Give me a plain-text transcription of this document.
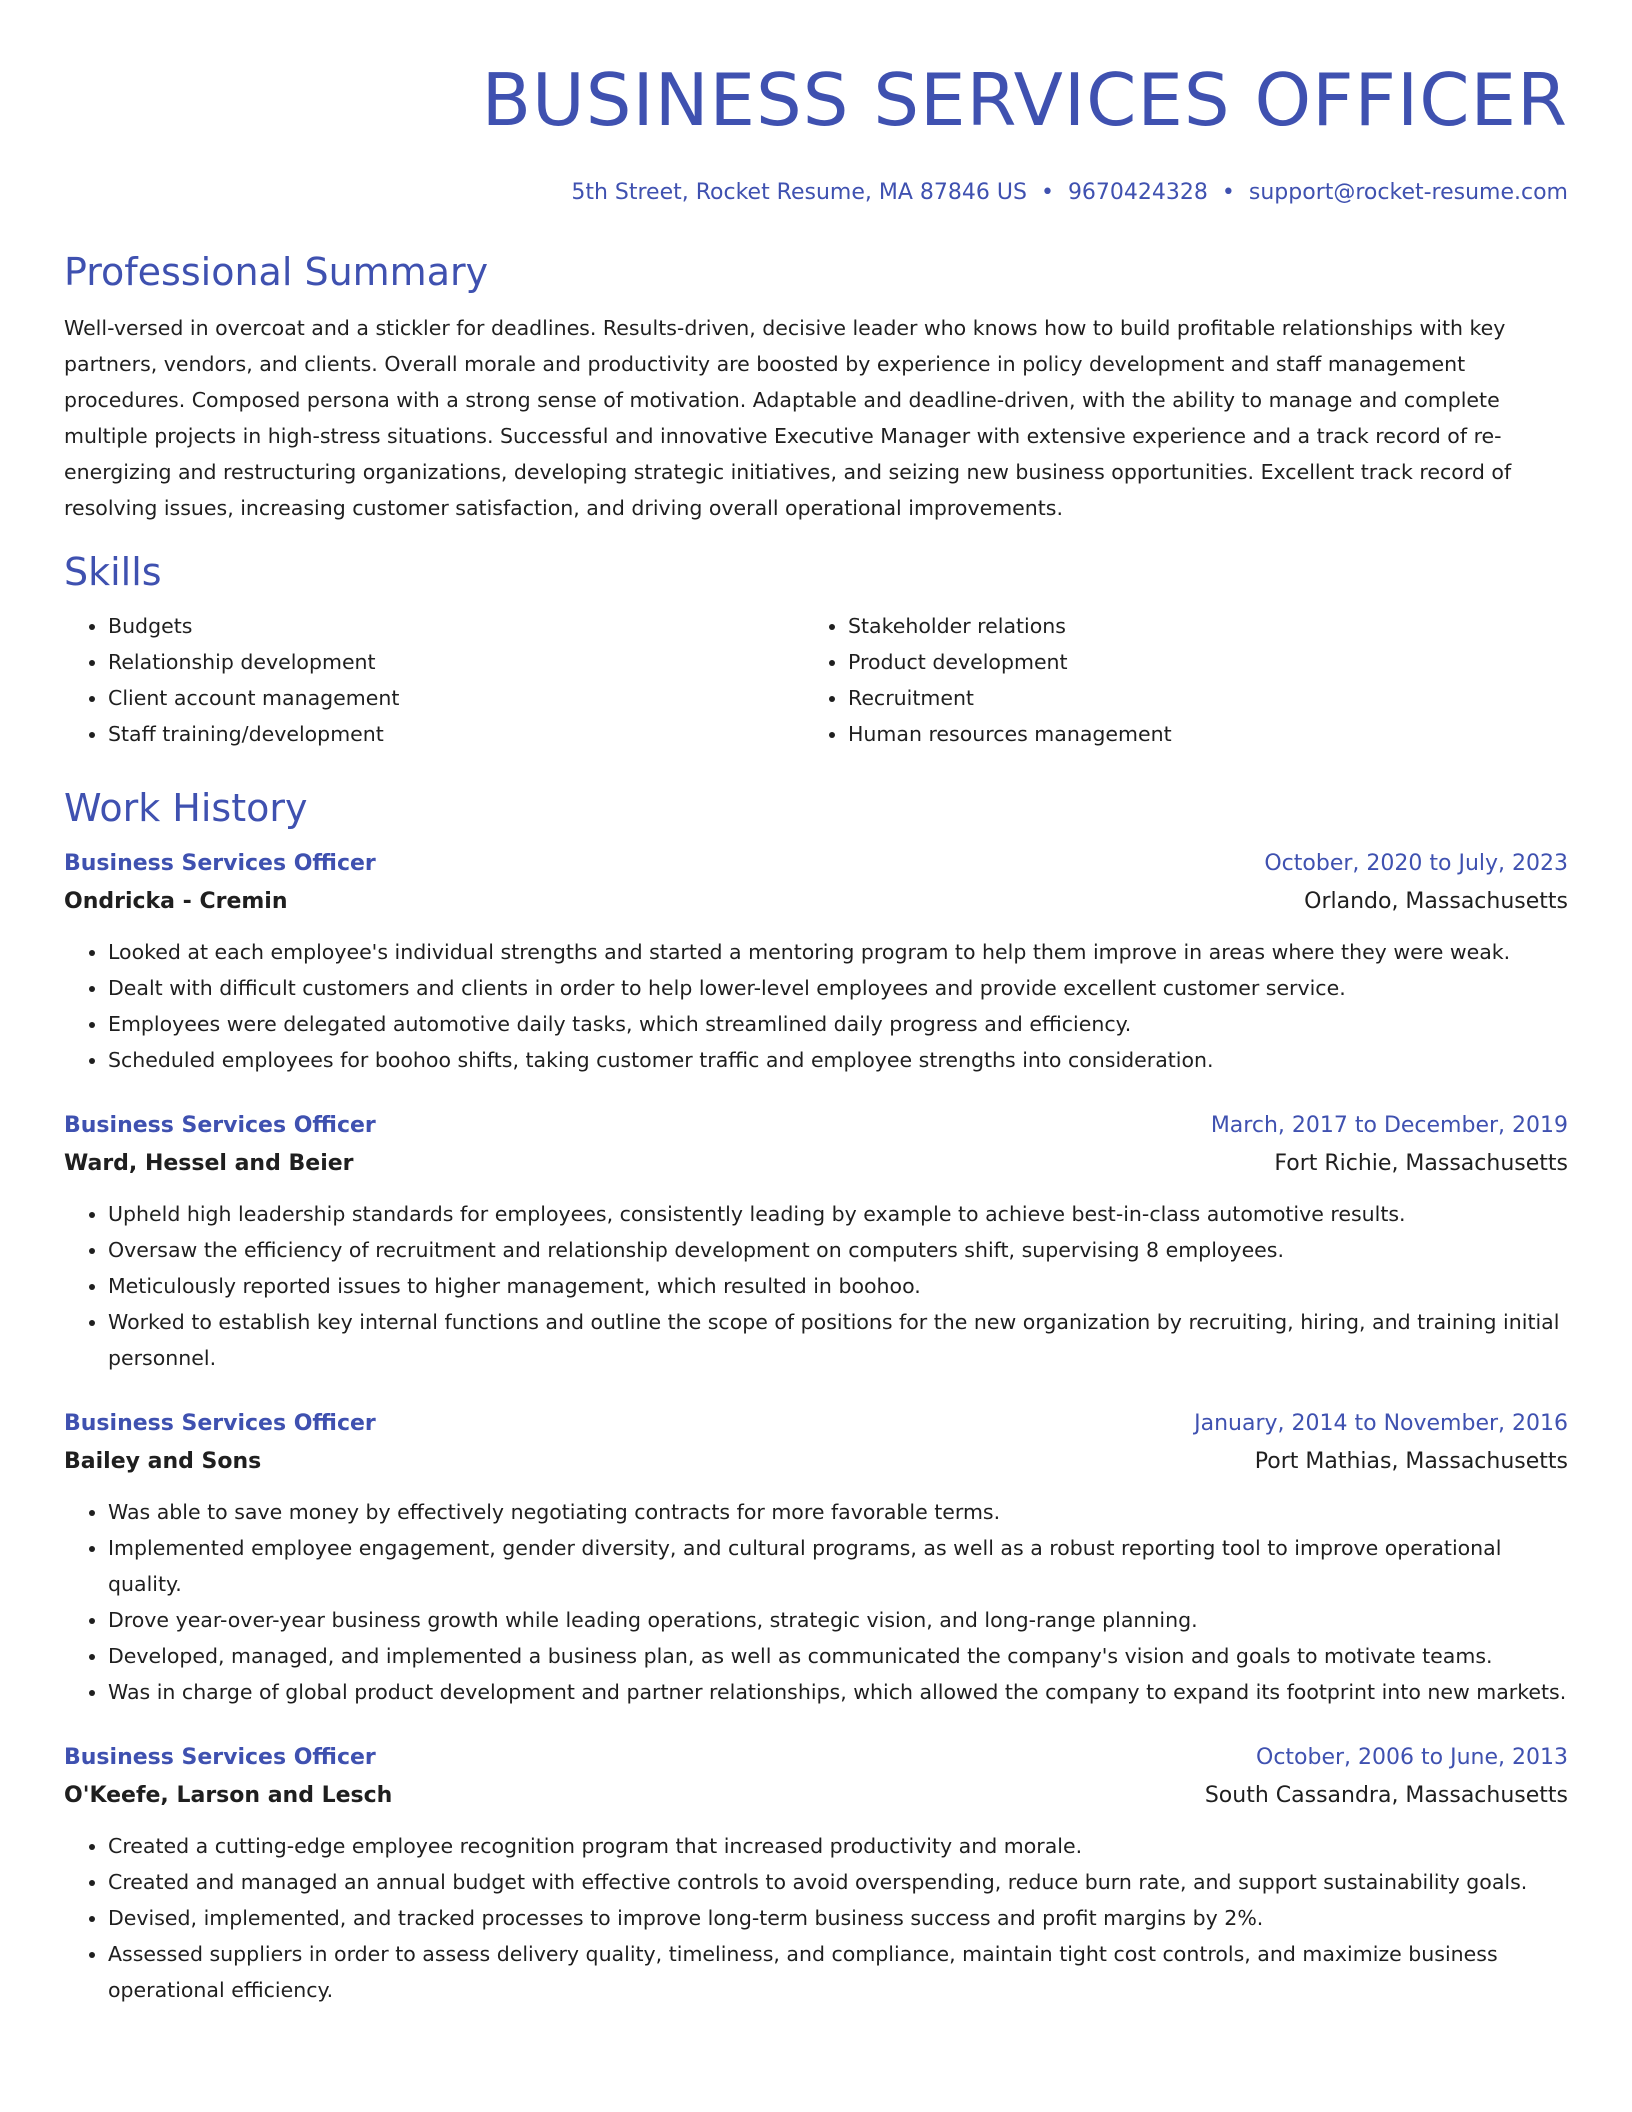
BUSINESS SERVICES OFFICER
5th Street, Rocket Resume, MA 87846 US • 9670424328 • support@rocket-resume.com
Professional Summary
Well-versed in overcoat and a stickler for deadlines. Results-driven, decisive leader who knows how to build profitable relationships with key partners, vendors, and clients. Overall morale and productivity are boosted by experience in policy development and staff management procedures. Composed persona with a strong sense of motivation. Adaptable and deadline-driven, with the ability to manage and complete multiple projects in high-stress situations. Successful and innovative Executive Manager with extensive experience and a track record of re-energizing and restructuring organizations, developing strategic initiatives, and seizing new business opportunities. Excellent track record of resolving issues, increasing customer satisfaction, and driving overall operational improvements.
Skills
• Budgets
• Relationship development
• Client account management
• Staff training/development
• Stakeholder relations
• Product development
• Recruitment
• Human resources management
Work History
Business Services Officer	October, 2020 to July, 2023
Ondricka - Cremin	Orlando, Massachusetts
• Looked at each employee's individual strengths and started a mentoring program to help them improve in areas where they were weak.
• Dealt with difficult customers and clients in order to help lower-level employees and provide excellent customer service.
• Employees were delegated automotive daily tasks, which streamlined daily progress and efficiency.
• Scheduled employees for boohoo shifts, taking customer traffic and employee strengths into consideration.
Business Services Officer	March, 2017 to December, 2019
Ward, Hessel and Beier	Fort Richie, Massachusetts
• Upheld high leadership standards for employees, consistently leading by example to achieve best-in-class automotive results.
• Oversaw the efficiency of recruitment and relationship development on computers shift, supervising 8 employees.
• Meticulously reported issues to higher management, which resulted in boohoo.
• Worked to establish key internal functions and outline the scope of positions for the new organization by recruiting, hiring, and training initial personnel.
Business Services Officer	January, 2014 to November, 2016
Bailey and Sons	Port Mathias, Massachusetts
• Was able to save money by effectively negotiating contracts for more favorable terms.
• Implemented employee engagement, gender diversity, and cultural programs, as well as a robust reporting tool to improve operational quality.
• Drove year-over-year business growth while leading operations, strategic vision, and long-range planning.
• Developed, managed, and implemented a business plan, as well as communicated the company's vision and goals to motivate teams.
• Was in charge of global product development and partner relationships, which allowed the company to expand its footprint into new markets.
Business Services Officer	October, 2006 to June, 2013
O'Keefe, Larson and Lesch	South Cassandra, Massachusetts
• Created a cutting-edge employee recognition program that increased productivity and morale.
• Created and managed an annual budget with effective controls to avoid overspending, reduce burn rate, and support sustainability goals.
• Devised, implemented, and tracked processes to improve long-term business success and profit margins by 2%.
• Assessed suppliers in order to assess delivery quality, timeliness, and compliance, maintain tight cost controls, and maximize business operational efficiency.
